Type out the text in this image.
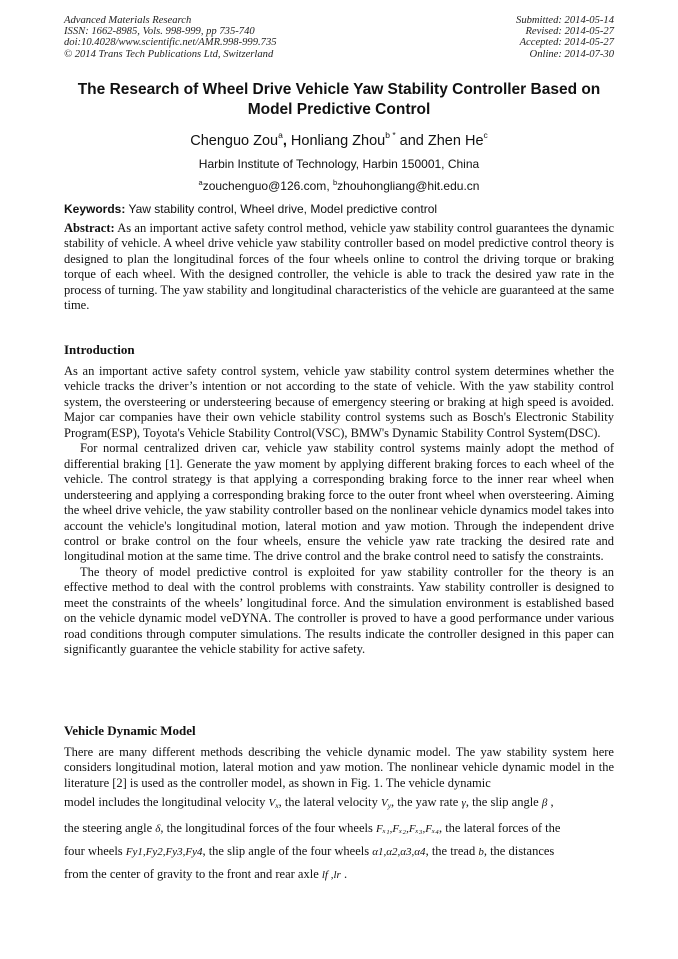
Advanced Materials Research
ISSN: 1662-8985, Vols. 998-999, pp 735-740
doi:10.4028/www.scientific.net/AMR.998-999.735
© 2014 Trans Tech Publications Ltd, Switzerland
Submitted: 2014-05-14
Revised: 2014-05-27
Accepted: 2014-05-27
Online: 2014-07-30
The Research of Wheel Drive Vehicle Yaw Stability Controller Based on
Model Predictive Control
Chenguo Zou$^a$, Honliang Zhou$^{b *}$ and Zhen He$^c$
Harbin Institute of Technology, Harbin 150001, China
$^a$zouchenguo@126.com, $^b$zhouhongliang@hit.edu.cn
Keywords: Yaw stability control, Wheel drive, Model predictive control
Abstract: As an important active safety control method, vehicle yaw stability control guarantees the dynamic stability of vehicle. A wheel drive vehicle yaw stability controller based on model predictive control theory is designed to plan the longitudinal forces of the four wheels online to control the driving torque or braking torque of each wheel. With the designed controller, the vehicle is able to track the desired yaw rate in the process of turning. The yaw stability and longitudinal characteristics of the vehicle are guaranteed at the same time.
Introduction

As an important active safety control system, vehicle yaw stability control system determines whether the vehicle tracks the driver’s intention or not according to the state of vehicle. With the yaw stability control system, the oversteering or understeering because of emergency steering or braking at high speed is avoided. Major car companies have their own vehicle stability control systems such as Bosch's Electronic Stability Program(ESP), Toyota's Vehicle Stability Control(VSC), BMW's Dynamic Stability Control System(DSC).

For normal centralized driven car, vehicle yaw stability control systems mainly adopt the method of differential braking [1]. Generate the yaw moment by applying different braking forces to each wheel of the vehicle. The control strategy is that applying a corresponding braking force to the inner rear wheel when understeering and applying a corresponding braking force to the outer front wheel when oversteering. Aiming the wheel drive vehicle, the yaw stability controller based on the nonlinear vehicle dynamics model takes into account the vehicle's longitudinal motion, lateral motion and yaw motion. Through the independent drive control or brake control on the four wheels, ensure the vehicle yaw rate tracking the desired rate and longitudinal motion at the same time. The drive control and the brake control need to satisfy the constraints.

The theory of model predictive control is exploited for yaw stability controller for the theory is an effective method to deal with the control problems with constraints. Yaw stability controller is designed to meet the constraints of the wheels’ longitudinal force. And the simulation environment is established based on the vehicle dynamic model veDYNA. The controller is proved to have a good performance under various road conditions through computer simulations. The results indicate the controller designed in this paper can significantly guarantee the vehicle stability for active safety.

Vehicle Dynamic Model

There are many different methods describing the vehicle dynamic model. The yaw stability system here considers longitudinal motion, lateral motion and yaw motion. The nonlinear vehicle dynamic model in the literature [2] is used as the controller model, as shown in Fig. 1. The vehicle dynamic
model includes the longitudinal velocity $V_x$, the lateral velocity $V_y$, the yaw rate γ, the slip angle β ,
the steering angle δ, the longitudinal forces of the four wheels Fₓ₁,Fₓ₂,Fₓ₃,Fₓ₄, the lateral forces of the
four wheels Fy1,Fy2,Fy3,Fy4, the slip angle of the four wheels α1,α2,α3,α4, the tread b, the distances
from the center of gravity to the front and rear axle lf ,lr .
